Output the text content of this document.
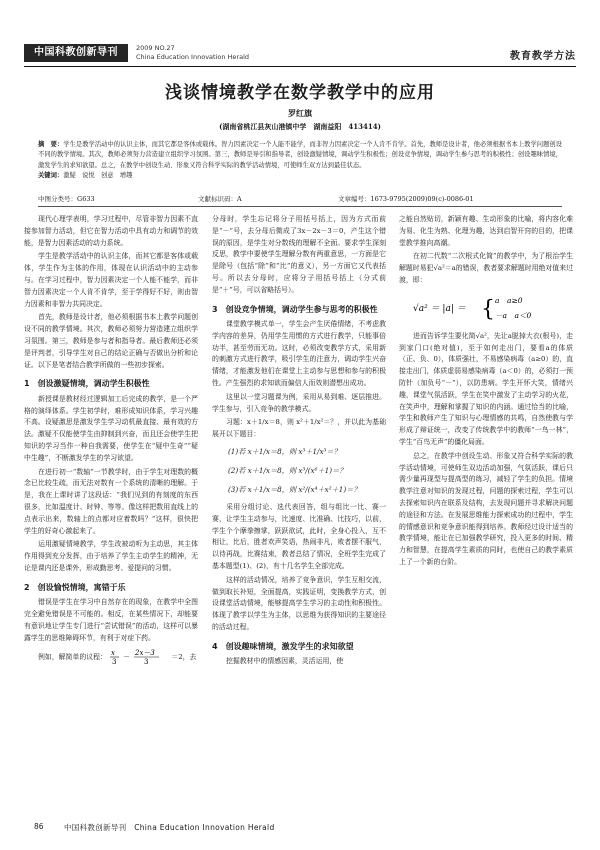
中国科教创新导刊	2009 NO.27
China Education Innovation Herald	教育教学方法
浅谈情境教学在数学教学中的应用
罗红旗
(湖南省桃江县灰山港镇中学　湖南益阳　413414)
摘　要：学生是教学活动中的认识主体，而其它都是客体或载体。智力因素决定一个人能不能学，而非智力因素决定一个人肯不肯学。首先，教师是设计者，他必须根据书本上教学问题创设不同的教学情境。其次，教师必须努力营造建立组织学习氛围。第三，教师是导引和指导者，创设激疑情境，调动学生积极性；创设竞争情境，调动学生参与思考的积极性；创设趣味情境，激发学生的求知欲望。总之，在教学中创设生动、形象又符合科学实际的教学活动情境，可使师生双方达到最佳状态。
关键词：激疑　说悦　创意　增趣
中图分类号：G633	文献标识码：A	文章编号：1673-9795(2009)09(c)-0086-01

现代心理学表明，学习过程中，尽管非智力因素不直接参加智力活动，但它在智力活动中具有动力和调节的效能，是智力因素活动的动力系统。

学生是教学活动中的认识主体，而其它都是客体或载体，学生作为主体的作用，体现在认识活动中的主动参与。在学习过程中，智力因素决定一个人能不能学，而非智力因素决定一个人肯不肯学，至于学得好不好，则由智力因素和非智力共同决定。

首先，教师是设计者，他必须根据书本上教学问题创设不同的教学情境。其次，教师必须努力营造建立组织学习氛围。第三，教师是参与者和指导者。最后教师还必须是评判者，引导学生对自己的结论正确与否做出分析和论证。以下是笔者结合教学所做的一些初步探索。

1　创设激疑情境，调动学生积极性

新授课是教材经过逻辑加工后完成的教学，是一个严格的演绎体系。学生初学时，难形成知识体系，学习兴趣不高。设疑激思是激发学生学习动机最直接、最有效的方法。激疑不仅能使学生由抑制到兴奋，而且还会使学生把知识的学习当作一种自我需要，使学生在“疑中生奇”“疑中生趣”，不断激发学生的学习欲望。

在进行初一“数轴”一节教学时，由于学生对理数的概念已比较生疏，而无法对数有一个系统的清晰的理解。于是，我在上课时讲了这段话：“我们见到的有刻度的东西很多，比如温度计、时钟、等等。像这样把数用直线上的点表示出来，数轴上的点都对应着数吗？”这样，很快把学生的好奇心激起来了。

运用激疑情境教学，学生改被动听为主动思，其主体作用得到充分发挥，由于培养了学生主动学生的精神，无论是课内还是课外，形成勤思考、爱提问的习惯。

2　创设愉悦情境，寓错于乐

错误是学生在学习中自然存在的现象，在教学中全图完全避免错误是不可能的。相反，在某些情况下，却能要有意识地让学生专门进行“尝试错误”的活动，这样可以暴露学生的思维障碍环节，有利于对症下药。

例如，解简单的议程： x
3
－ 2x－3
3
＝2，去

分母时，学生忘记将分子用括号括上，因为方式而前是“－”号，去分母后微成了3x－2x－3＝0，产生这个错误的原因，是学生对分数线的理解不全面。要求学生深刻反思，教学中要使学生理解分数有两重意思，一方面是它是除号（包括“除”和“比”的意义），另一方面它又代表括号。所以去分母时，应将分子用括号括上（分式前是“＋”号，可以省略括号）。

3　创设竞争情境，调动学生参与思考的积极性

课堂教学模式单一，学生会产生厌倦情绪，不考虑教学内容的差异，仍用学生用惯的方式进行教学，只能事倍功半，甚至劳而无功。这时，必须改变教学方式，采用新的刺激方式进行教学，吸引学生的注意力，调动学生兴奋情绪，才能激发他们在课堂上主动参与思想和参与的积极性。产生强烈的求知欲而偏信人而效则潜想出成功。

这里以一堂习题课为例，采用从易到难、逐层推进。学生参与，引入竞争的教学模式。

习题：x＋1/x＝8，则 x²＋1/x²＝？，并以此为基础展开以下题目：

(1)若 x＋1/x＝8，则 x³＋1/x³＝？
(2)若 x＋1/x＝8，则 x³/(x⁶＋1)＝？
(3)若 x＋1/x＝8，则 x²/(x⁴＋x²＋1)＝？

采用分组讨论、选代表回答，组与组比一比、赛一赛，让学生主动参与，比速度、比准确、比技巧，以前，学生个个摩拳擦掌，跃跃欲试，此时，全身心投入，互不相让，比后，胜者欢声笑语，热闹非凡，败者摆不服气，以待再战，比赛结束，教者总结了情况，全班学生完成了基本题型(1)、(2)，有十几名学生全部完成。

这样的活动情况，培养了竞争意识，学生互相交流，做到取长补短，全面提高，实践证明，变换教学方式，创设课堂活动情境，能够提高学生学习的主动性和积极性。体现了教学以学生为主体，以思维为获得知识的主要途径的活动过程。

4　创设趣味情境，激发学生的求知欲望

挖掘教材中的情感因素，灵活运用，使

之能自然贴切，新颖有趣、生动形象的比喻，将内容化难为易、化生为熟、化理为趣，达到启智开窍的目的，把课堂教学推向高潮。

在初二代数“二次根式化简”的教学中，为了根治学生解题时易犯√a²＝a的错误，教者要求解题时用绝对值来过渡，即：

√a² ＝ |a| ＝ { a　a≥0
－a　a＜0

进而告诉学生要化简√a²，先让a脱掉大衣(根号)，走到家门口(绝对值)，至于如何走出门，要看a的体质（正、负、0），体质强壮，不易感染病毒（a≥0）的，直接走出门，体质虚弱易感染病毒（a＜0）的，必须打一预防针（加负号“－”），以防患病。学生开怀大笑，情绪兴趣，课堂气氛活跃，学生在笑中激发了主动学习的火花，在笑声中，理解和掌握了知识的内涵。通过恰当的比喻，学生和教师产生了知识与心理情感的共鸣，自然使教与学形成了辩证统一，改变了传统教学中的教师“一鸟一林”，学生“百鸟无声”的僵化局面。

总之，在教学中创设生动、形象又符合科学实际的教学活动情境，可使师生双边活动加强，气氛活跃，课后只需少量再现型与提高型的练习，减轻了学生的负担。情境教学注意对知识的发现过程，问题的探索过程，学生可以去探索知识内在联系及结构，去发现问题并寻求解决问题的途径和方法。在发展思维能力探索成功的过程中，学生的情感意识和竞争意识能得到培养。教师经过设计适当的教学情境，能让在已加强教学研究，投入更多的时间、精力和智慧，在提高学生素质的同时，也使自己的教学素质上了一个新的台阶。

86	中国科教创新导刊　China Education Innovation Herald
